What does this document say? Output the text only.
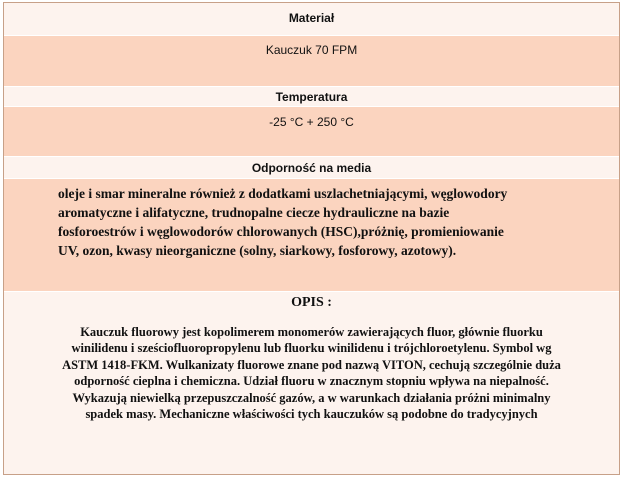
Materiał
Kauczuk 70 FPM
Temperatura
-25 °C + 250 °C
Odporność na media
oleje i smar mineralne również z dodatkami uszlachetniającymi, węglowodory
aromatyczne i alifatyczne, trudnopalne ciecze hydrauliczne na bazie
fosforoestrów i węglowodorów chlorowanych (HSC),próżnię, promieniowanie
UV, ozon, kwasy nieorganiczne (solny, siarkowy, fosforowy, azotowy).
OPIS :
Kauczuk fluorowy jest kopolimerem monomerów zawierających fluor, głównie fluorku
winilidenu i sześciofluoropropylenu lub fluorku winilidenu i trójchloroetylenu. Symbol wg
ASTM 1418-FKM. Wulkanizaty fluorowe znane pod nazwą VITON, cechują szczególnie duża
odporność cieplna i chemiczna. Udział fluoru w znacznym stopniu wpływa na niepalność.
Wykazują niewielką przepuszczalność gazów, a w warunkach działania próżni minimalny
spadek masy. Mechaniczne właściwości tych kauczuków są podobne do tradycyjnych
